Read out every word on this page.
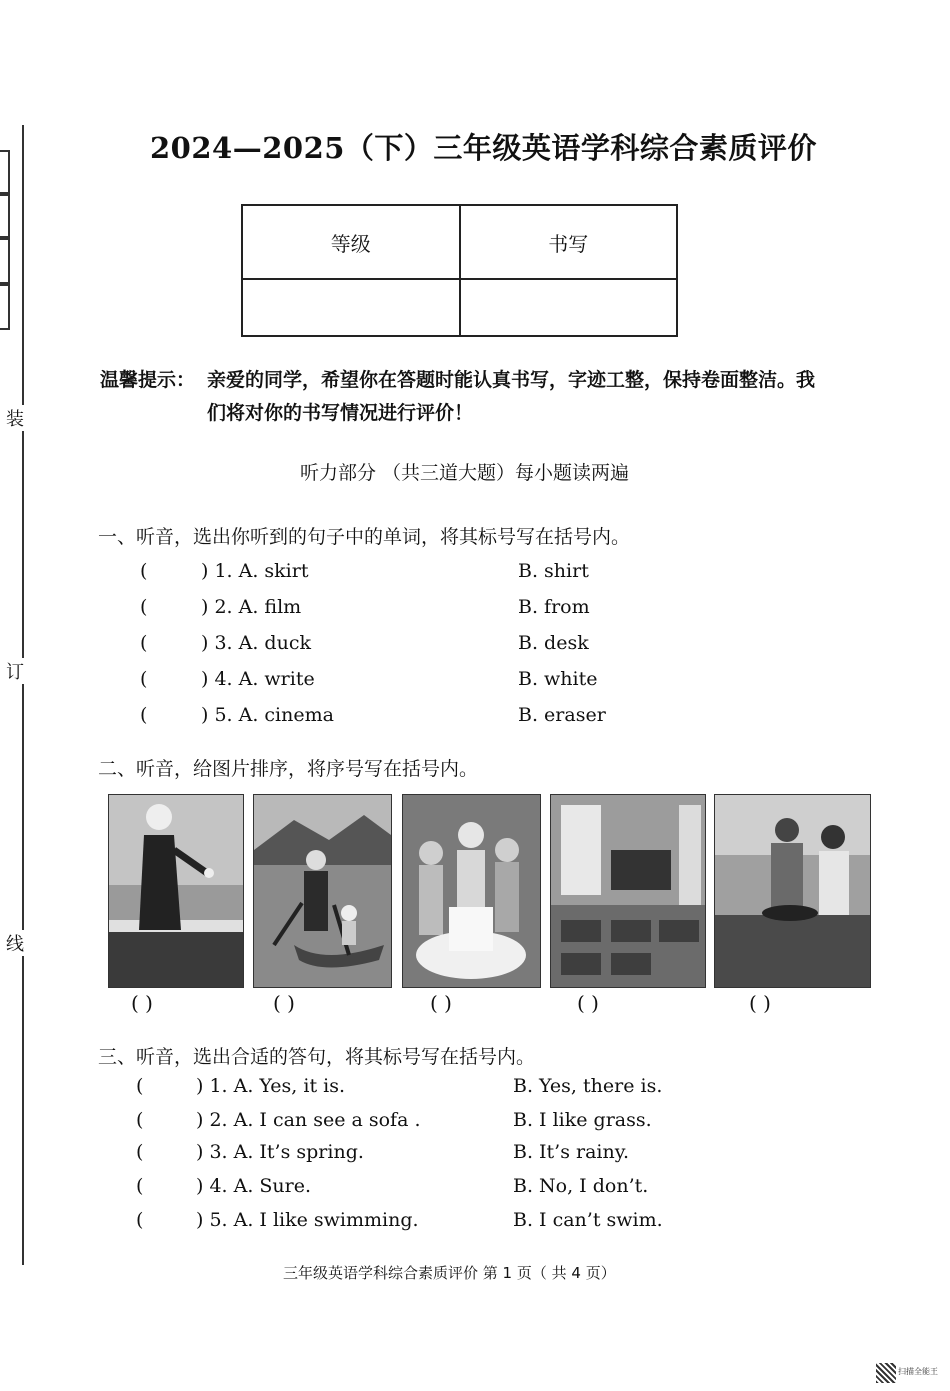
装
订
线
2024—2025（下）三年级英语学科综合素质评价
等级	书写

温馨提示： 亲爱的同学，希望你在答题时能认真书写，字迹工整，保持卷面整洁。我们将对你的书写情况进行评价！
听力部分 （共三道大题）每小题读两遍
一、听音，选出你听到的句子中的单词，将其标号写在括号内。
(	) 1. A. skirt	B. shirt
(	) 2. A. film	B. from
(	) 3. A. duck	B. desk
(	) 4. A. write	B. white
(	) 5. A. cinema	B. eraser
二、听音，给图片排序，将序号写在括号内。
( )	( )	( )	( )	( )
三、听音，选出合适的答句，将其标号写在括号内。
(	) 1. A. Yes, it is.	B. Yes, there is.
(	) 2. A. I can see a sofa .	B. I like grass.
(	) 3. A. It’s spring.	B. It’s rainy.
(	) 4. A. Sure.	B. No, I don’t.
(	) 5. A. I like swimming.	B. I can’t swim.
三年级英语学科综合素质评价 第 1 页（ 共 4 页）
扫描全能王
